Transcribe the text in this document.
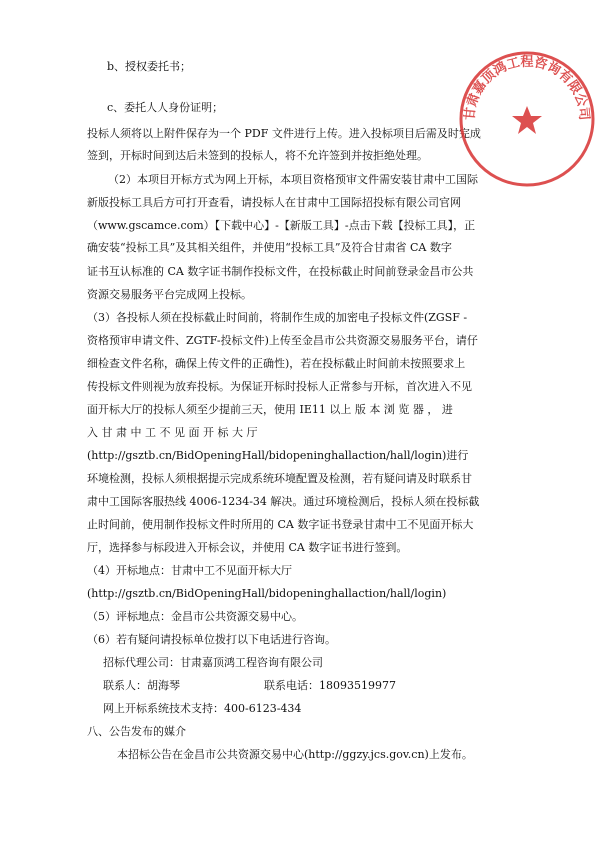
b、授权委托书；
c、委托人人身份证明；
投标人须将以上附件保存为一个 PDF 文件进行上传。进入投标项目后需及时完成
签到，开标时间到达后未签到的投标人，将不允许签到并按拒绝处理。
（2）本项目开标方式为网上开标，本项目资格预审文件需安装甘肃中工国际
新版投标工具后方可打开查看，请投标人在甘肃中工国际招投标有限公司官网
（www.gscamce.com）【下载中心】-【新版工具】-点击下载【投标工具】，正
确安装“投标工具”及其相关组件，并使用“投标工具”及符合甘肃省 CA 数字
证书互认标准的 CA 数字证书制作投标文件，在投标截止时间前登录金昌市公共
资源交易服务平台完成网上投标。
（3）各投标人须在投标截止时间前，将制作生成的加密电子投标文件(ZGSF -
资格预审申请文件、ZGTF-投标文件)上传至金昌市公共资源交易服务平台，请仔
细检查文件名称，确保上传文件的正确性)，若在投标截止时间前未按照要求上
传投标文件则视为放弃投标。为保证开标时投标人正常参与开标，首次进入不见
面开标大厅的投标人须至少提前三天，使用 IE11 以上 版 本 浏 览 器 ， 进
入 甘 肃 中 工 不 见 面 开 标 大 厅
(http://gsztb.cn/BidOpeningHall/bidopeninghallaction/hall/login)进行
环境检测，投标人须根据提示完成系统环境配置及检测，若有疑问请及时联系甘
肃中工国际客服热线 4006-1234-34 解决。通过环境检测后，投标人须在投标截
止时间前，使用制作投标文件时所用的 CA 数字证书登录甘肃中工不见面开标大
厅，选择参与标段进入开标会议，并使用 CA 数字证书进行签到。
（4）开标地点：甘肃中工不见面开标大厅
(http://gsztb.cn/BidOpeningHall/bidopeninghallaction/hall/login)
（5）评标地点：金昌市公共资源交易中心。
（6）若有疑问请投标单位拨打以下电话进行咨询。
招标代理公司：甘肃嘉顶鸿工程咨询有限公司
联系人：胡海琴	联系电话：18093519977
网上开标系统技术支持：400-6123-434
八、公告发布的媒介
本招标公告在金昌市公共资源交易中心(http://ggzy.jcs.gov.cn)上发布。
甘肃嘉顶鸿工程咨询有限公司
